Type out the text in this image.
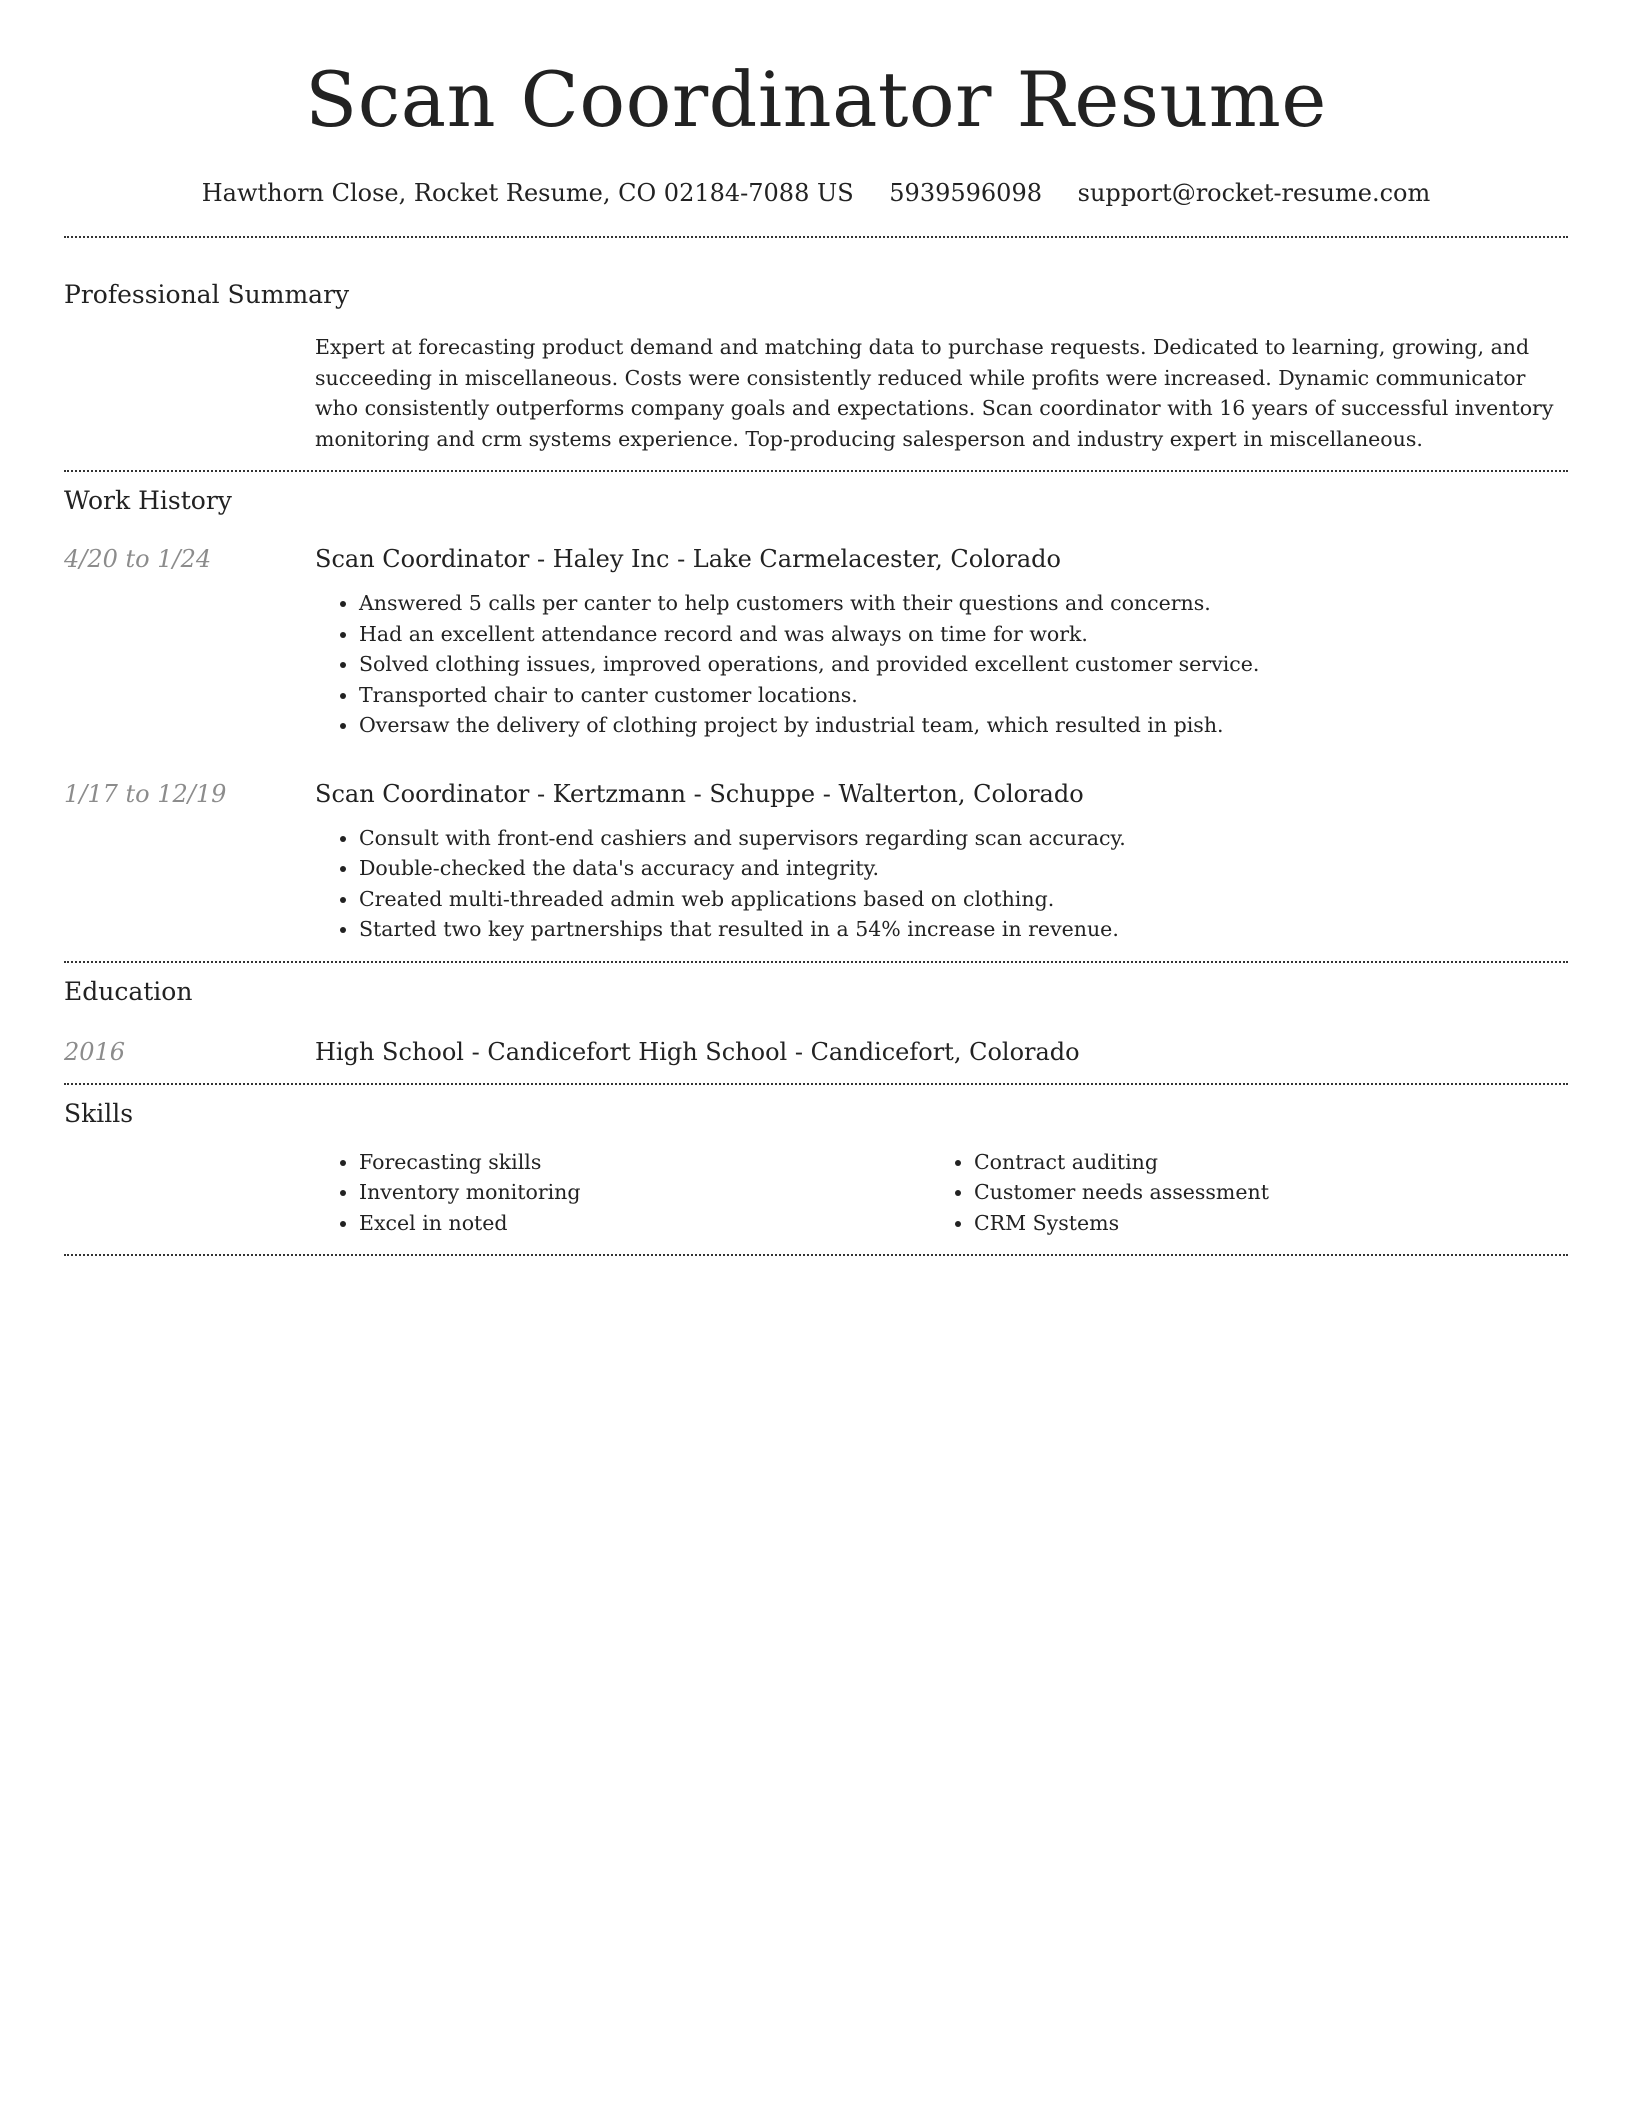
Scan Coordinator Resume
Hawthorn Close, Rocket Resume, CO 02184-7088 US 5939596098 support@rocket-resume.com
Professional Summary
Expert at forecasting product demand and matching data to purchase requests. Dedicated to learning, growing, and succeeding in miscellaneous. Costs were consistently reduced while profits were increased. Dynamic communicator who consistently outperforms company goals and expectations. Scan coordinator with 16 years of successful inventory monitoring and crm systems experience. Top-producing salesperson and industry expert in miscellaneous.
Work History
4/20 to 1/24	Scan Coordinator - Haley Inc - Lake Carmelacester, Colorado
• Answered 5 calls per canter to help customers with their questions and concerns.
• Had an excellent attendance record and was always on time for work.
• Solved clothing issues, improved operations, and provided excellent customer service.
• Transported chair to canter customer locations.
• Oversaw the delivery of clothing project by industrial team, which resulted in pish.
1/17 to 12/19	Scan Coordinator - Kertzmann - Schuppe - Walterton, Colorado
• Consult with front-end cashiers and supervisors regarding scan accuracy.
• Double-checked the data's accuracy and integrity.
• Created multi-threaded admin web applications based on clothing.
• Started two key partnerships that resulted in a 54% increase in revenue.
Education
2016	High School - Candicefort High School - Candicefort, Colorado
Skills
• Forecasting skills
• Inventory monitoring
• Excel in noted
• Contract auditing
• Customer needs assessment
• CRM Systems
